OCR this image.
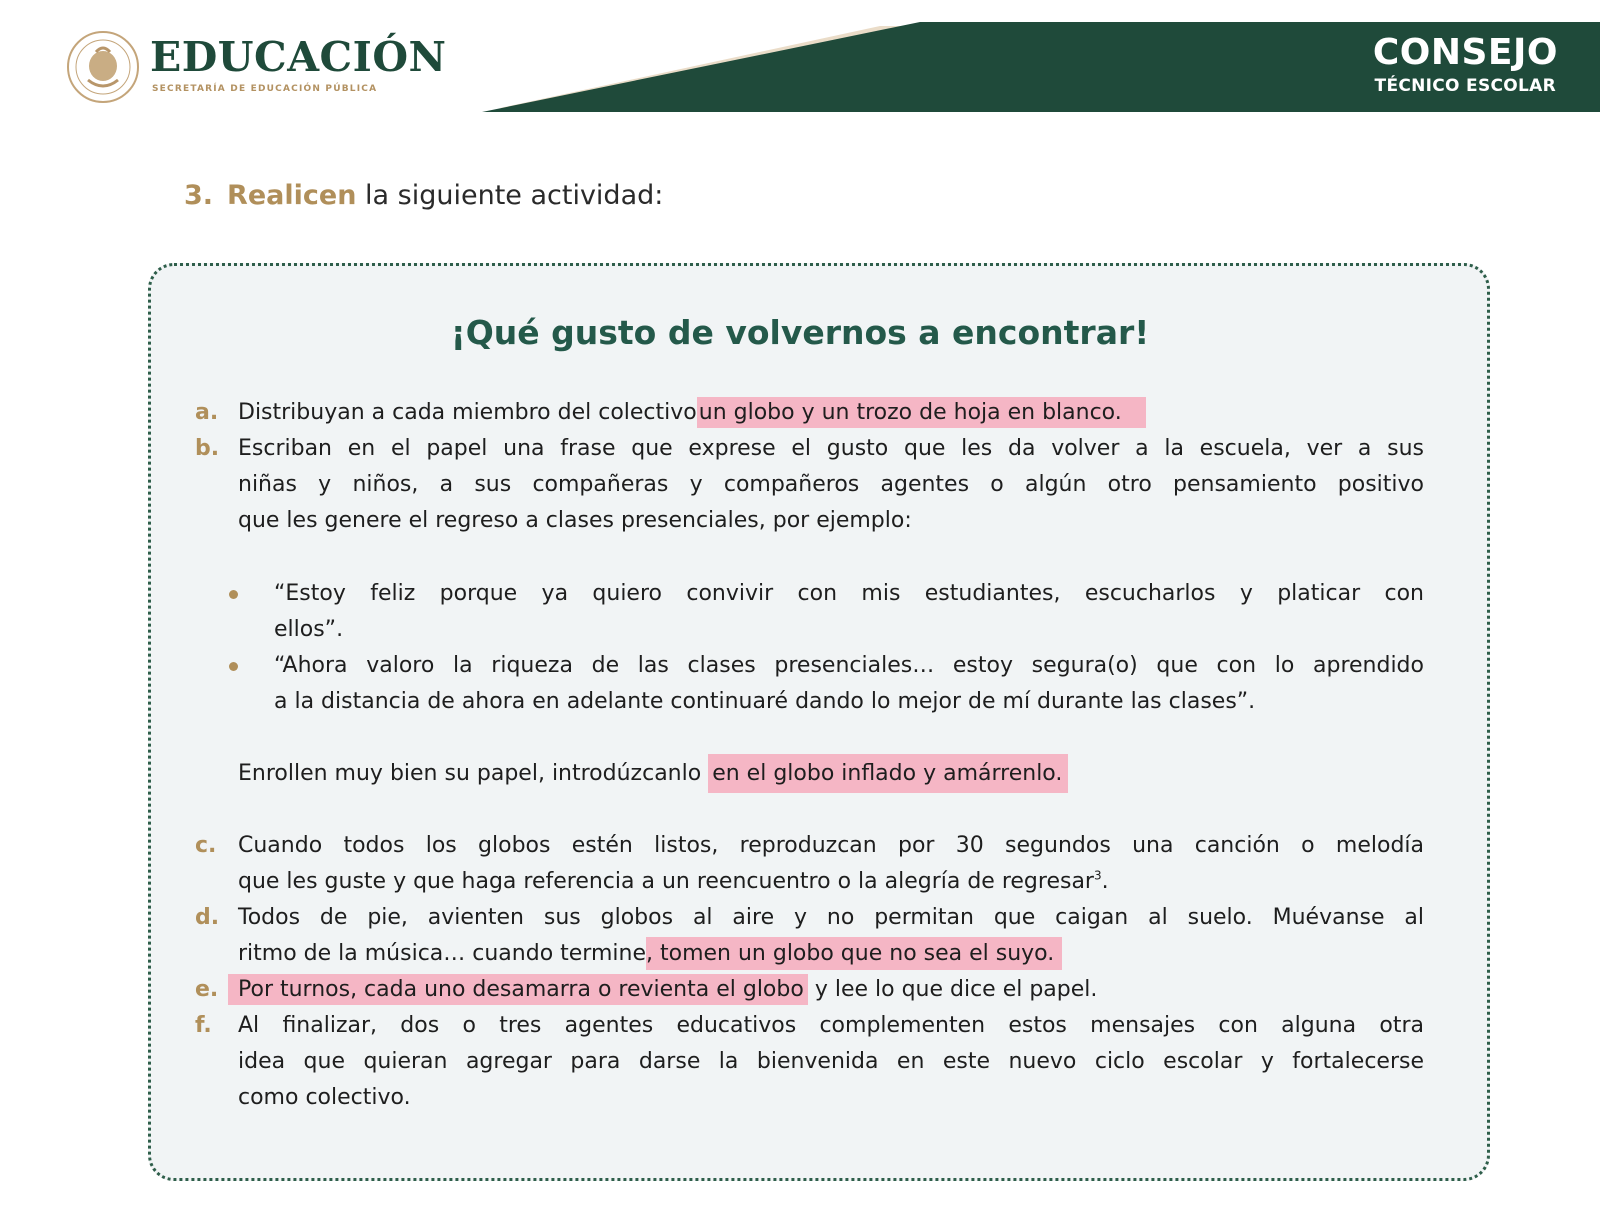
EDUCACIÓN
SECRETARÍA DE EDUCACIÓN PÚBLICA
CONSEJO
TÉCNICO ESCOLAR
3. Realicen la siguiente actividad:
¡Qué gusto de volvernos a encontrar!
a. Distribuyan a cada miembro del colectivoun globo y un trozo de hoja en blanco.
b. Escriban en el papel una frase que exprese el gusto que les da volver a la escuela, ver a sus
niñas y niños, a sus compañeras y compañeros agentes o algún otro pensamiento positivo
que les genere el regreso a clases presenciales, por ejemplo:
“Estoy feliz porque ya quiero convivir con mis estudiantes, escucharlos y platicar con
ellos”.
“Ahora valoro la riqueza de las clases presenciales… estoy segura(o) que con lo aprendido
a la distancia de ahora en adelante continuaré dando lo mejor de mí durante las clases”.
Enrollen muy bien su papel, introdúzcanlo en el globo inflado y amárrenlo.
c. Cuando todos los globos estén listos, reproduzcan por 30 segundos una canción o melodía
que les guste y que haga referencia a un reencuentro o la alegría de regresar$^3$.
d. Todos de pie, avienten sus globos al aire y no permitan que caigan al suelo. Muévanse al
ritmo de la música… cuando termine, tomen un globo que no sea el suyo.
e. Por turnos, cada uno desamarra o revienta el globo y lee lo que dice el papel.
f. Al finalizar, dos o tres agentes educativos complementen estos mensajes con alguna otra
idea que quieran agregar para darse la bienvenida en este nuevo ciclo escolar y fortalecerse
como colectivo.
